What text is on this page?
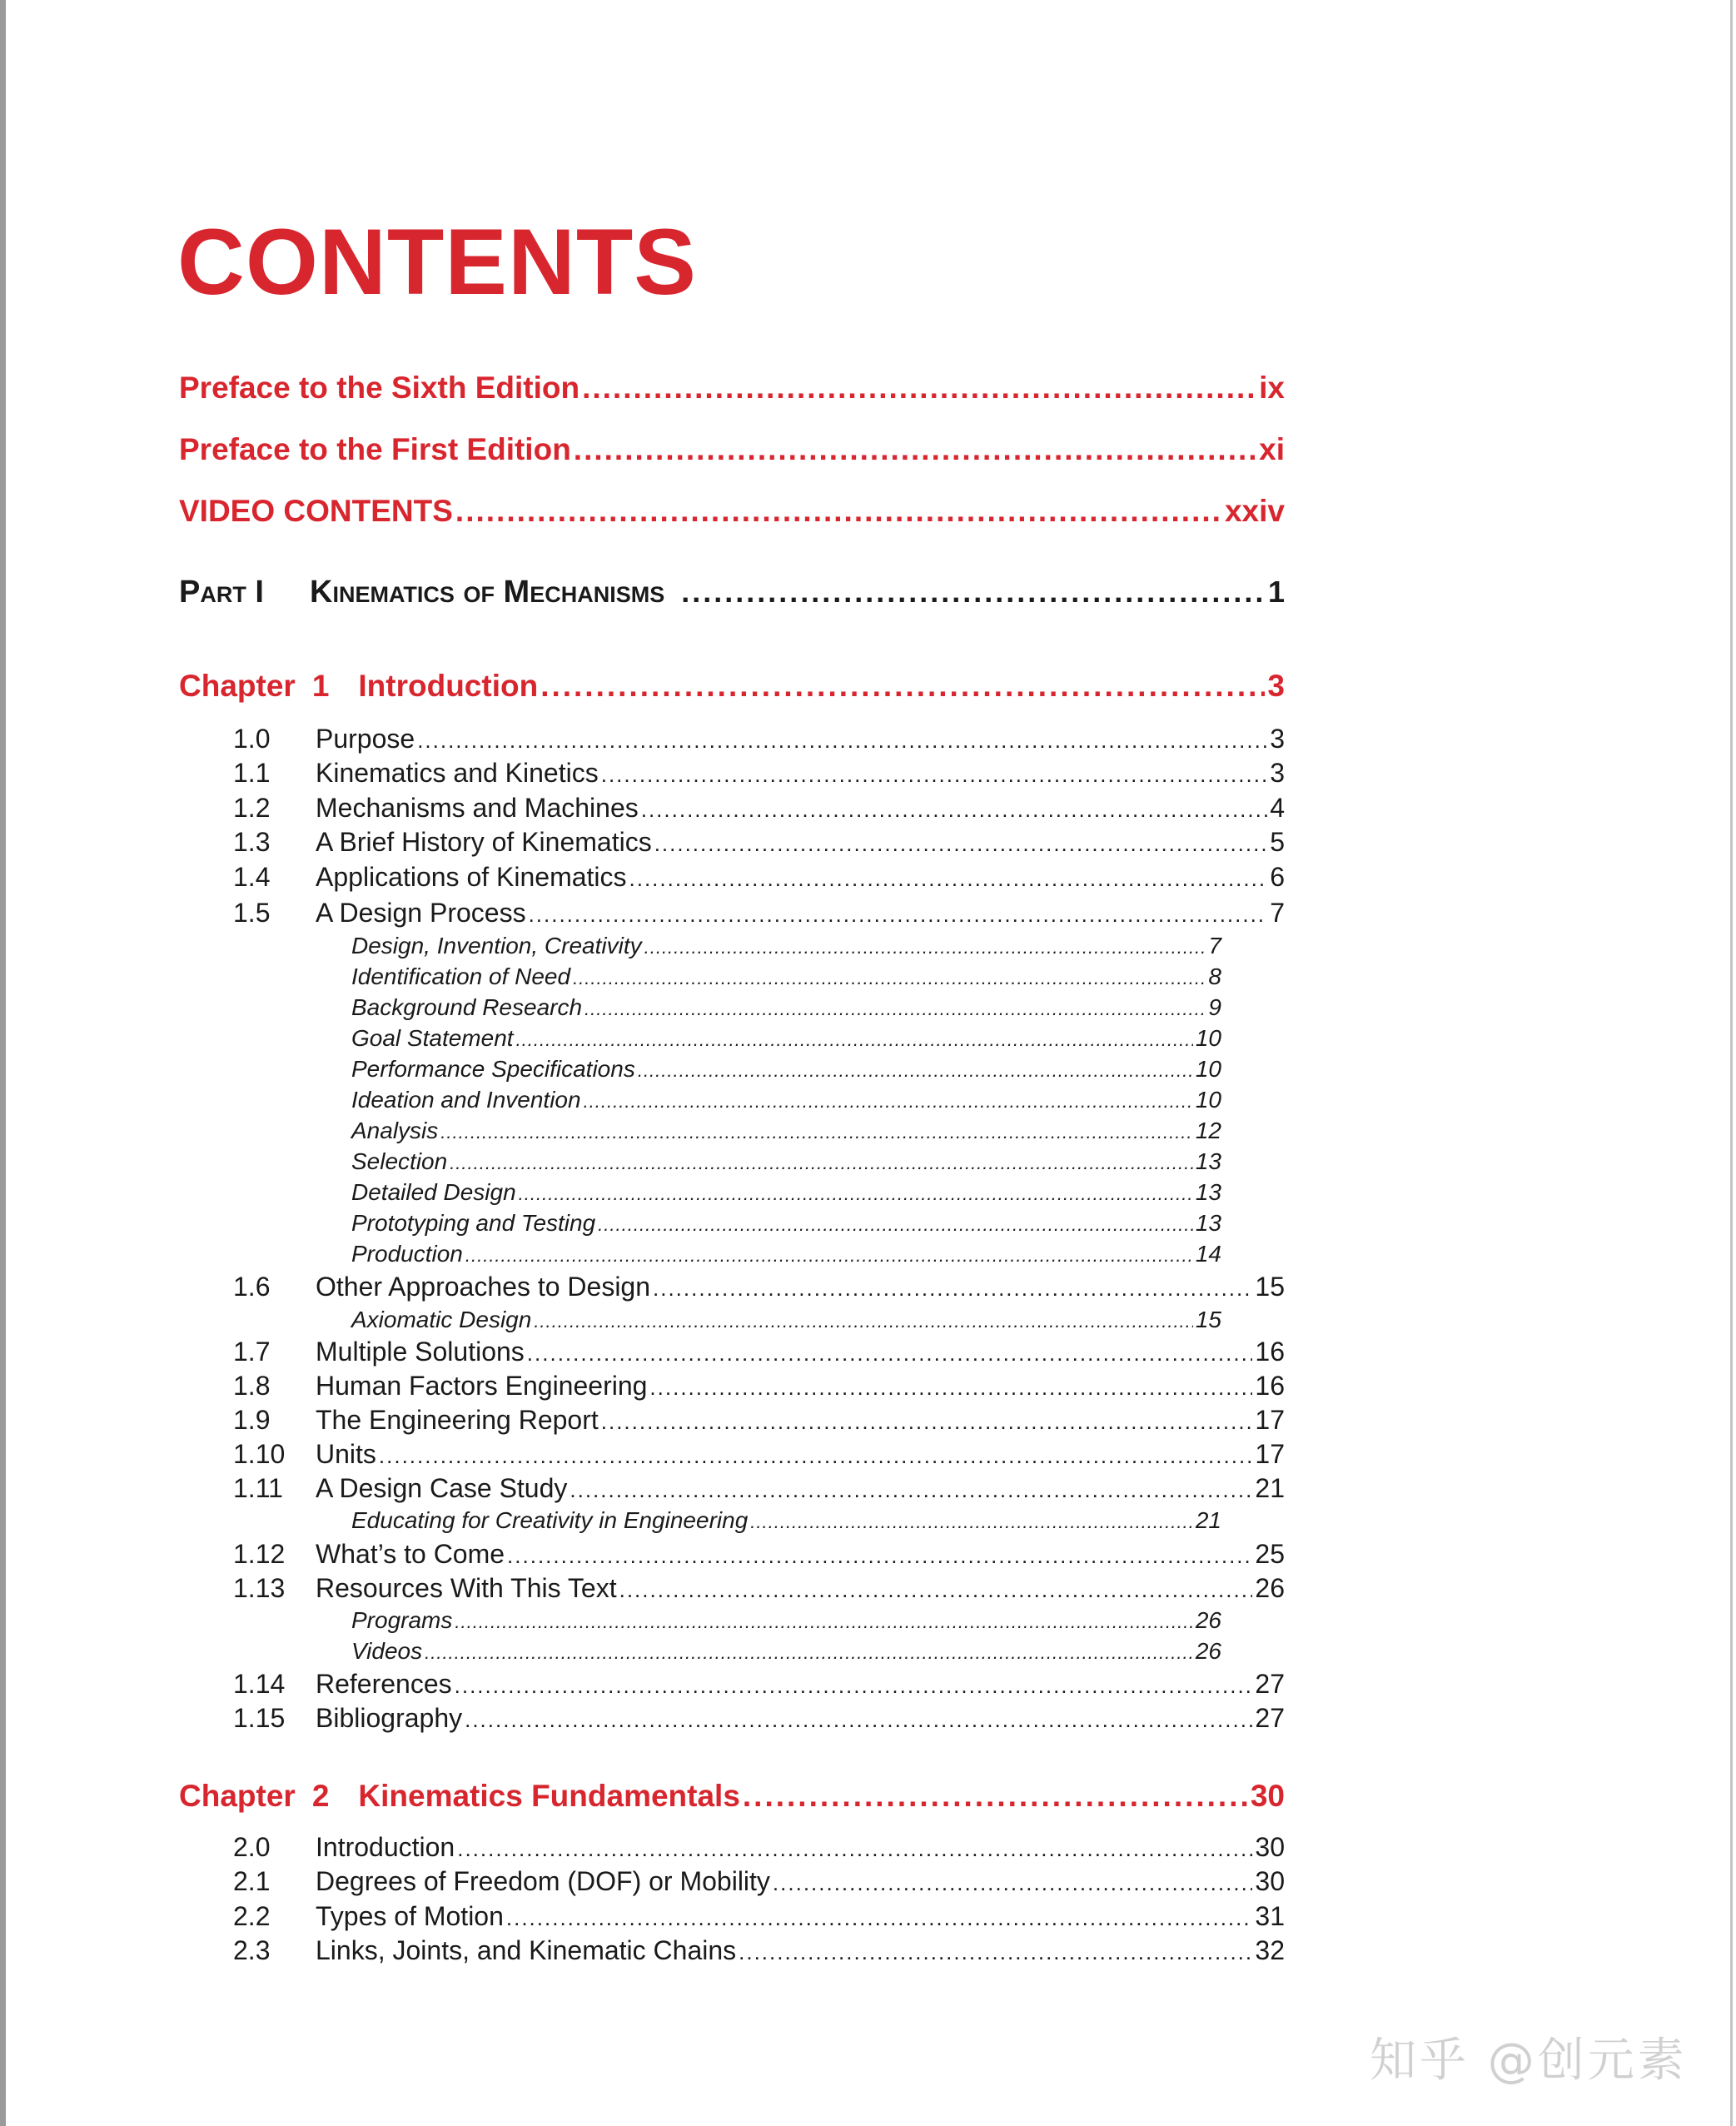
CONTENTS
Preface to the Sixth Edition .....	ix
Preface to the First Edition .....	xi
VIDEO CONTENTS .....	xxiv
Part I	Kinematics of Mechanisms .....	1
Chapter 1 Introduction .....	3
1.0	Purpose .....	3
1.1	Kinematics and Kinetics .....	3
1.2	Mechanisms and Machines .....	4
1.3	A Brief History of Kinematics .....	5
1.4	Applications of Kinematics .....	6
1.5	A Design Process .....	7
Design, Invention, Creativity .....	7
Identification of Need .....	8
Background Research .....	9
Goal Statement .....	10
Performance Specifications .....	10
Ideation and Invention .....	10
Analysis .....	12
Selection .....	13
Detailed Design .....	13
Prototyping and Testing .....	13
Production .....	14
1.6	Other Approaches to Design .....	15
Axiomatic Design .....	15
1.7	Multiple Solutions .....	16
1.8	Human Factors Engineering .....	16
1.9	The Engineering Report .....	17
1.10	Units .....	17
1.11	A Design Case Study .....	21
Educating for Creativity in Engineering .....	21
1.12	What’s to Come .....	25
1.13	Resources With This Text .....	26
Programs .....	26
Videos .....	26
1.14	References .....	27
1.15	Bibliography .....	27
Chapter 2 Kinematics Fundamentals .....	30
2.0	Introduction .....	30
2.1	Degrees of Freedom (DOF) or Mobility .....	30
2.2	Types of Motion .....	31
2.3	Links, Joints, and Kinematic Chains .....	32
知乎 @创元素
